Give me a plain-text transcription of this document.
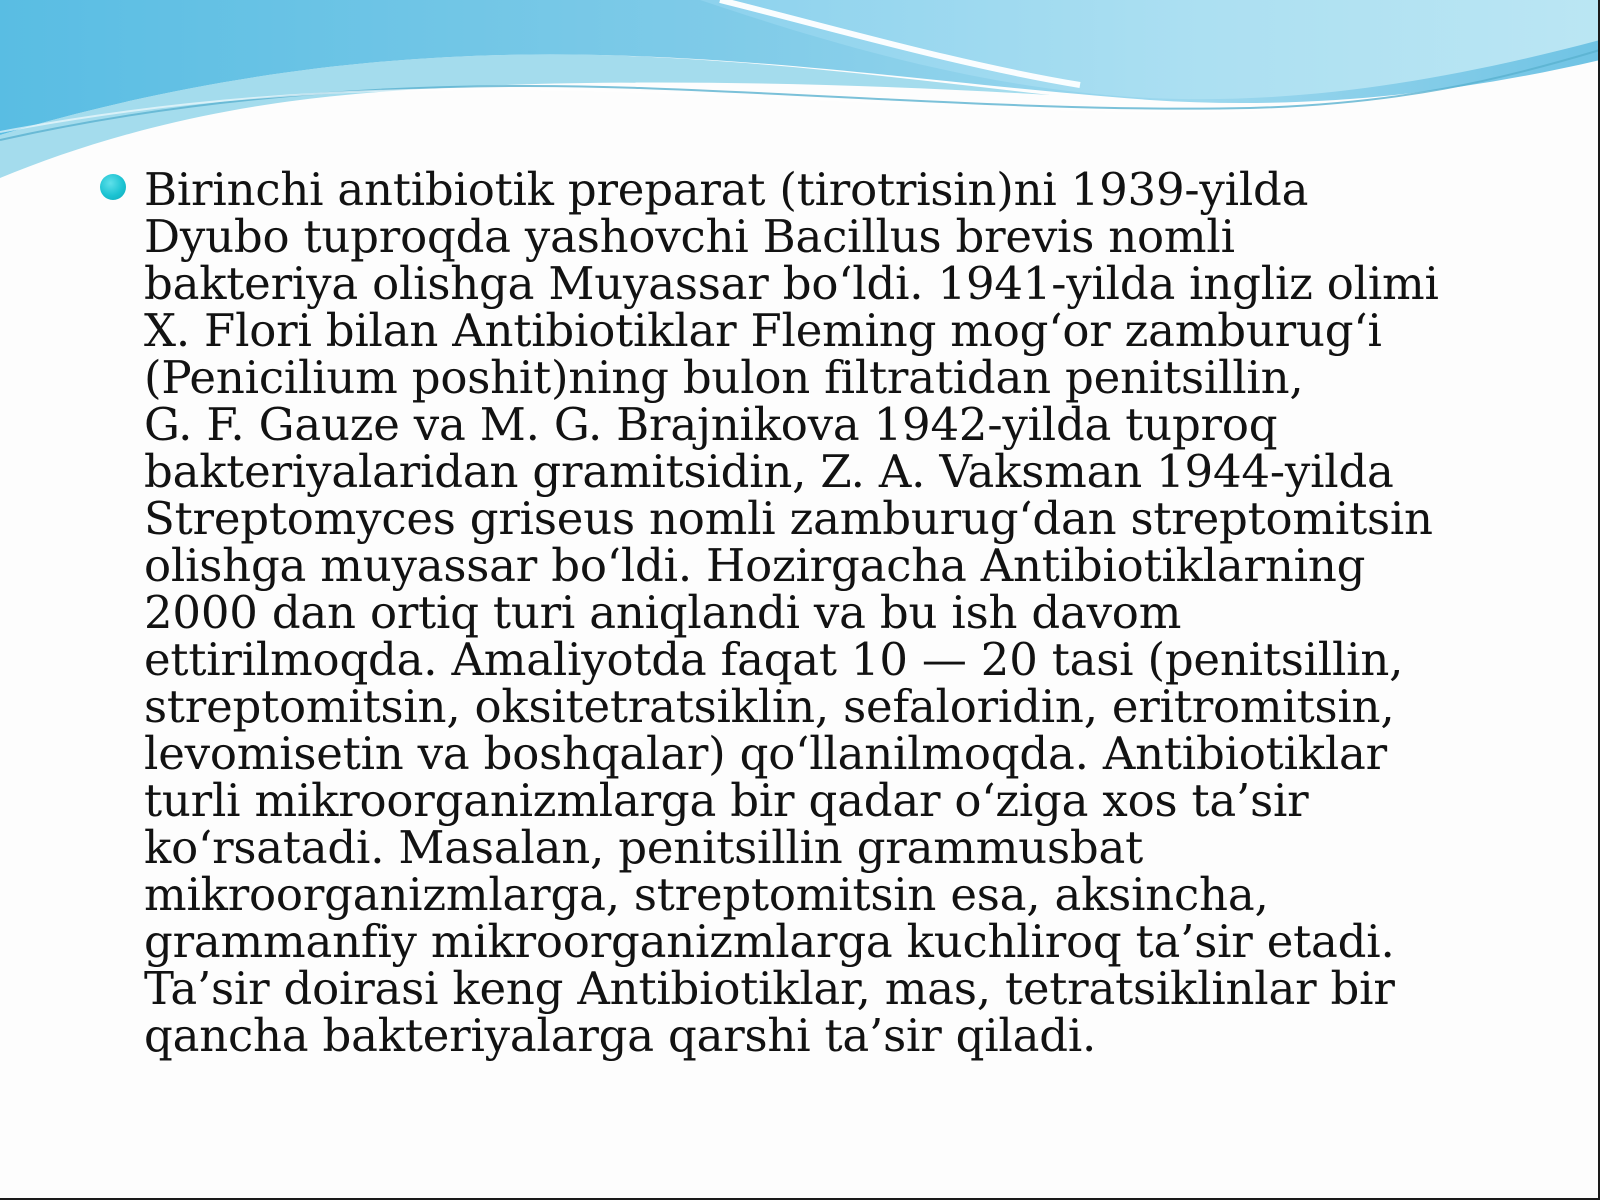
Birinchi antibiotik preparat (tirotrisin)ni 1939-yilda
Dyubo tuproqda yashovchi Bacillus brevis nomli
bakteriya olishga Muyassar bo‘ldi. 1941-yilda ingliz olimi
X. Flori bilan Antibiotiklar Fleming mog‘or zamburug‘i
(Penicilium poshit)ning bulon filtratidan penitsillin,
G. F. Gauze va M. G. Brajnikova 1942-yilda tuproq
bakteriyalaridan gramitsidin, Z. A. Vaksman 1944-yilda
Streptomyces griseus nomli zamburug‘dan streptomitsin
olishga muyassar bo‘ldi. Hozirgacha Antibiotiklarning
2000 dan ortiq turi aniqlandi va bu ish davom
ettirilmoqda. Amaliyotda faqat 10 — 20 tasi (penitsillin,
streptomitsin, oksitetratsiklin, sefaloridin, eritromitsin,
levomisetin va boshqalar) qo‘llanilmoqda. Antibiotiklar
turli mikroorganizmlarga bir qadar o‘ziga xos ta’sir
ko‘rsatadi. Masalan, penitsillin grammusbat
mikroorganizmlarga, streptomitsin esa, aksincha,
grammanfiy mikroorganizmlarga kuchliroq ta’sir etadi.
Ta’sir doirasi keng Antibiotiklar, mas, tetratsiklinlar bir
qancha bakteriyalarga qarshi ta’sir qiladi.
